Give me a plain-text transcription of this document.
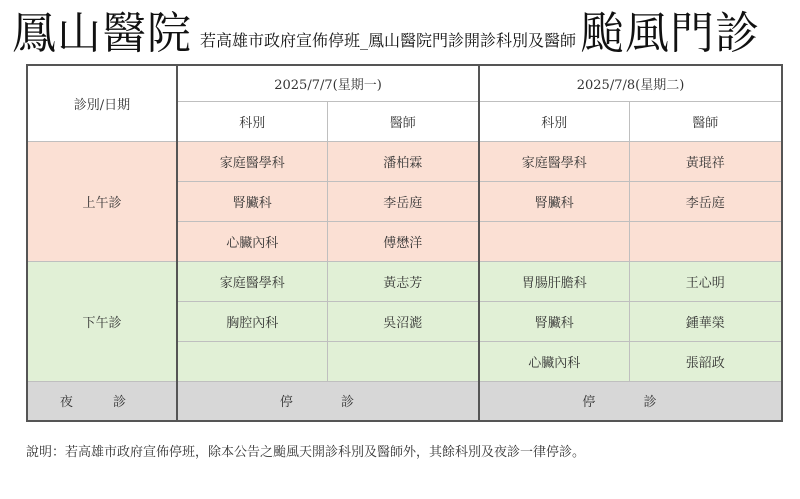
鳳山醫院	颱風門診
若高雄市政府宣佈停班_鳳山醫院門診開診科別及醫師
診別/日期	2025/7/7(星期一)		2025/7/8(星期二)	
	科別	醫師	科別	醫師
上午診	家庭醫學科	潘柏霖	家庭醫學科	黃琨祥
	腎臟科	李岳庭	腎臟科	李岳庭
	心臟內科	傅懋洋		
下午診	家庭醫學科	黃志芳	胃腸肝膽科	王心明
	胸腔內科	吳沼滮	腎臟科	鍾華榮
			心臟內科	張韶政
夜 診	停 診		停 診	
說明：若高雄市政府宣佈停班，除本公告之颱風天開診科別及醫師外，其餘科別及夜診一律停診。
